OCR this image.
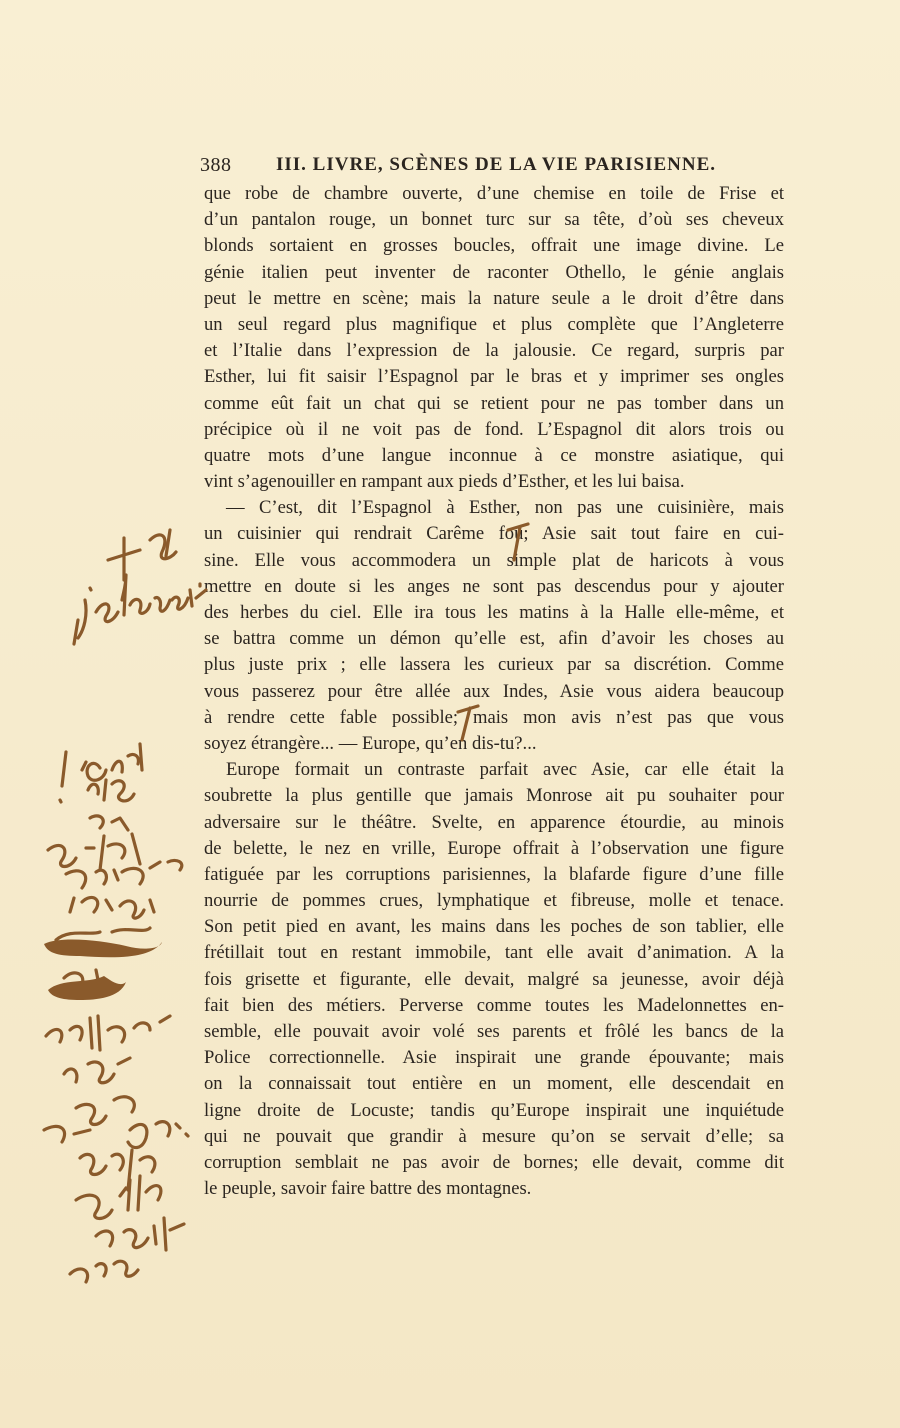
388 III. LIVRE, SCÈNES DE LA VIE PARISIENNE.
que robe de chambre ouverte, d’une chemise en toile de Frise et
d’un pantalon rouge, un bonnet turc sur sa tête, d’où ses cheveux
blonds sortaient en grosses boucles, offrait une image divine. Le
génie italien peut inventer de raconter Othello, le génie anglais
peut le mettre en scène; mais la nature seule a le droit d’être dans
un seul regard plus magnifique et plus complète que l’Angleterre
et l’Italie dans l’expression de la jalousie. Ce regard, surpris par
Esther, lui fit saisir l’Espagnol par le bras et y imprimer ses ongles
comme eût fait un chat qui se retient pour ne pas tomber dans un
précipice où il ne voit pas de fond. L’Espagnol dit alors trois ou
quatre mots d’une langue inconnue à ce monstre asiatique, qui
vint s’agenouiller en rampant aux pieds d’Esther, et les lui baisa.
— C’est, dit l’Espagnol à Esther, non pas une cuisinière, mais
un cuisinier qui rendrait Carême fou; Asie sait tout faire en cui-
sine. Elle vous accommodera un simple plat de haricots à vous
mettre en doute si les anges ne sont pas descendus pour y ajouter
des herbes du ciel. Elle ira tous les matins à la Halle elle-même, et
se battra comme un démon qu’elle est, afin d’avoir les choses au
plus juste prix ; elle lassera les curieux par sa discrétion. Comme
vous passerez pour être allée aux Indes, Asie vous aidera beaucoup
à rendre cette fable possible; mais mon avis n’est pas que vous
soyez étrangère... — Europe, qu’en dis-tu?...
Europe formait un contraste parfait avec Asie, car elle était la
soubrette la plus gentille que jamais Monrose ait pu souhaiter pour
adversaire sur le théâtre. Svelte, en apparence étourdie, au minois
de belette, le nez en vrille, Europe offrait à l’observation une figure
fatiguée par les corruptions parisiennes, la blafarde figure d’une fille
nourrie de pommes crues, lymphatique et fibreuse, molle et tenace.
Son petit pied en avant, les mains dans les poches de son tablier, elle
frétillait tout en restant immobile, tant elle avait d’animation. A la
fois grisette et figurante, elle devait, malgré sa jeunesse, avoir déjà
fait bien des métiers. Perverse comme toutes les Madelonnettes en-
semble, elle pouvait avoir volé ses parents et frôlé les bancs de la
Police correctionnelle. Asie inspirait une grande épouvante; mais
on la connaissait tout entière en un moment, elle descendait en
ligne droite de Locuste; tandis qu’Europe inspirait une inquiétude
qui ne pouvait que grandir à mesure qu’on se servait d’elle; sa
corruption semblait ne pas avoir de bornes; elle devait, comme dit
le peuple, savoir faire battre des montagnes.
